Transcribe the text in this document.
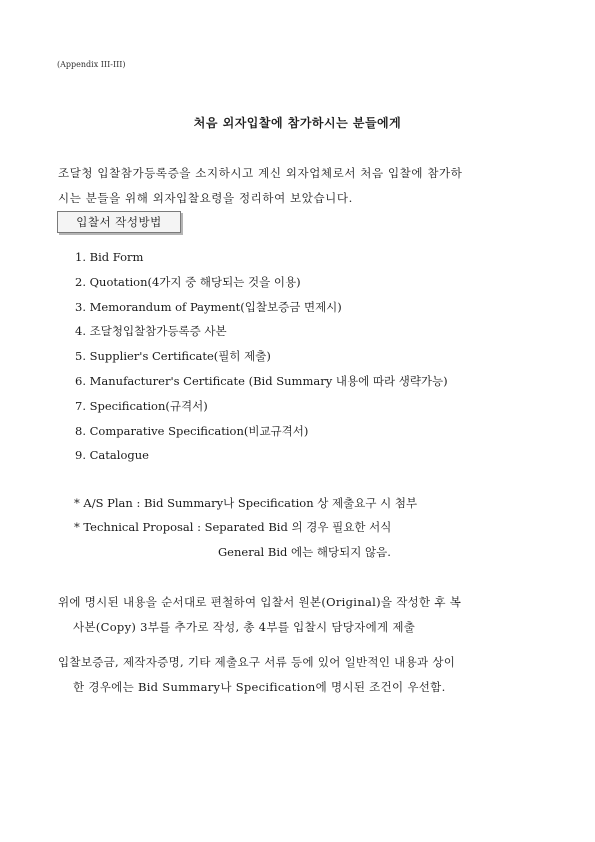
(Appendix III-III)
처음 외자입찰에 참가하시는 분들에게
조달청 입찰참가등록증을 소지하시고 계신 외자업체로서 처음 입찰에 참가하
시는 분들을 위해 외자입찰요령을 정리하여 보았습니다.
입찰서 작성방법
1. Bid Form
2. Quotation(4가지 중 해당되는 것을 이용)
3. Memorandum of Payment(입찰보증금 면제시)
4. 조달청입찰참가등록증 사본
5. Supplier's Certificate(필히 제출)
6. Manufacturer's Certificate (Bid Summary 내용에 따라 생략가능)
7. Specification(규격서)
8. Comparative Specification(비교규격서)
9. Catalogue
* A/S Plan : Bid Summary나 Specification 상 제출요구 시 첨부
* Technical Proposal : Separated Bid 의 경우 필요한 서식
General Bid 에는 해당되지 않음.
위에 명시된 내용을 순서대로 편철하여 입찰서 원본(Original)을 작성한 후 복
사본(Copy) 3부를 추가로 작성, 총 4부를 입찰시 담당자에게 제출
입찰보증금, 제작자증명, 기타 제출요구 서류 등에 있어 일반적인 내용과 상이
한 경우에는 Bid Summary나 Specification에 명시된 조건이 우선함.
